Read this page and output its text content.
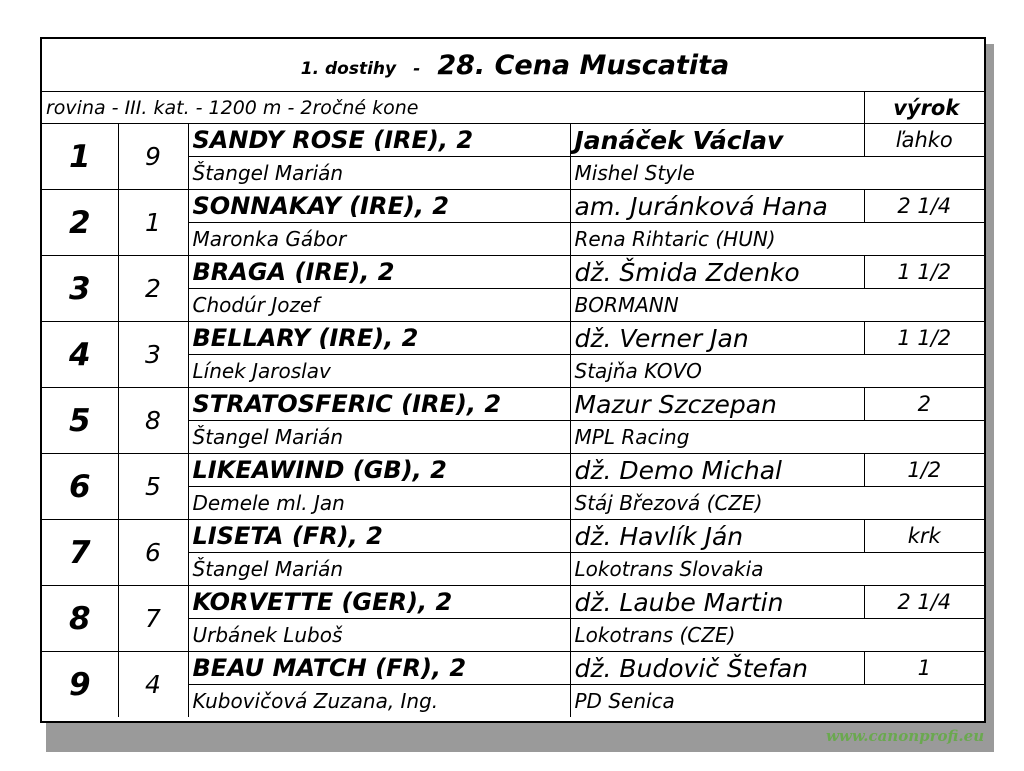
1. dostihy - 28. Cena Muscatita				
rovina - III. kat. - 1200 m - 2ročné kone				výrok
1	9	SANDY ROSE (IRE), 2	Janáček Václav	ľahko
		Štangel Marián	Mishel Style	
2	1	SONNAKAY (IRE), 2	am. Juránková Hana	2 1/4
		Maronka Gábor	Rena Rihtaric (HUN)	
3	2	BRAGA (IRE), 2	dž. Šmida Zdenko	1 1/2
		Chodúr Jozef	BORMANN	
4	3	BELLARY (IRE), 2	dž. Verner Jan	1 1/2
		Línek Jaroslav	Stajňa KOVO	
5	8	STRATOSFERIC (IRE), 2	Mazur Szczepan	2
		Štangel Marián	MPL Racing	
6	5	LIKEAWIND (GB), 2	dž. Demo Michal	1/2
		Demele ml. Jan	Stáj Březová (CZE)	
7	6	LISETA (FR), 2	dž. Havlík Ján	krk
		Štangel Marián	Lokotrans Slovakia	
8	7	KORVETTE (GER), 2	dž. Laube Martin	2 1/4
		Urbánek Luboš	Lokotrans (CZE)	
9	4	BEAU MATCH (FR), 2	dž. Budovič Štefan	1
		Kubovičová Zuzana, Ing.	PD Senica	
www.canonprofi.eu
